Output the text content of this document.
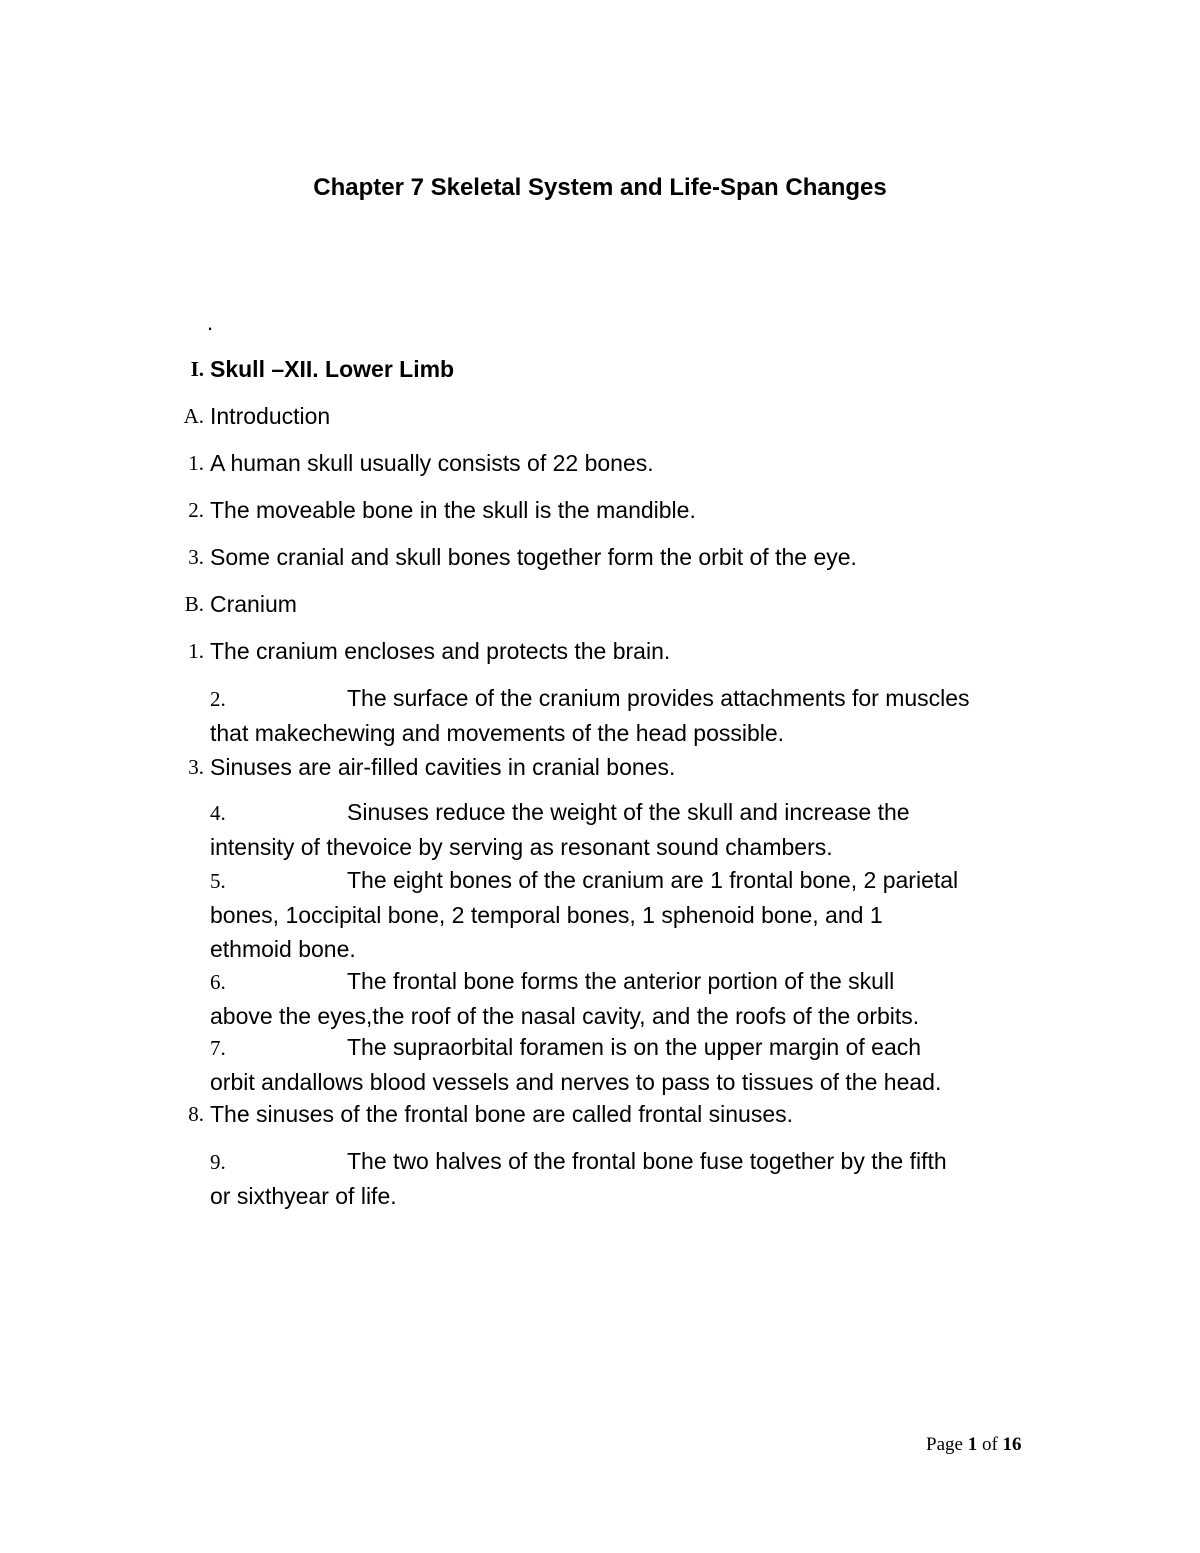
Chapter 7 Skeletal System and Life-Span Changes
.
I. Skull –XII. Lower Limb
A. Introduction
1. A human skull usually consists of 22 bones.
2. The moveable bone in the skull is the mandible.
3. Some cranial and skull bones together form the orbit of the eye.
B. Cranium
1. The cranium encloses and protects the brain.
2.	The surface of the cranium provides attachments for muscles
that makechewing and movements of the head possible.
3. Sinuses are air-filled cavities in cranial bones.
4.	Sinuses reduce the weight of the skull and increase the
intensity of thevoice by serving as resonant sound chambers.
5.	The eight bones of the cranium are 1 frontal bone, 2 parietal
bones, 1occipital bone, 2 temporal bones, 1 sphenoid bone, and 1
ethmoid bone.
6.	The frontal bone forms the anterior portion of the skull
above the eyes,the roof of the nasal cavity, and the roofs of the orbits.
7.	The supraorbital foramen is on the upper margin of each
orbit andallows blood vessels and nerves to pass to tissues of the head.
8. The sinuses of the frontal bone are called frontal sinuses.
9.	The two halves of the frontal bone fuse together by the fifth
or sixthyear of life.
Page 1 of 16
